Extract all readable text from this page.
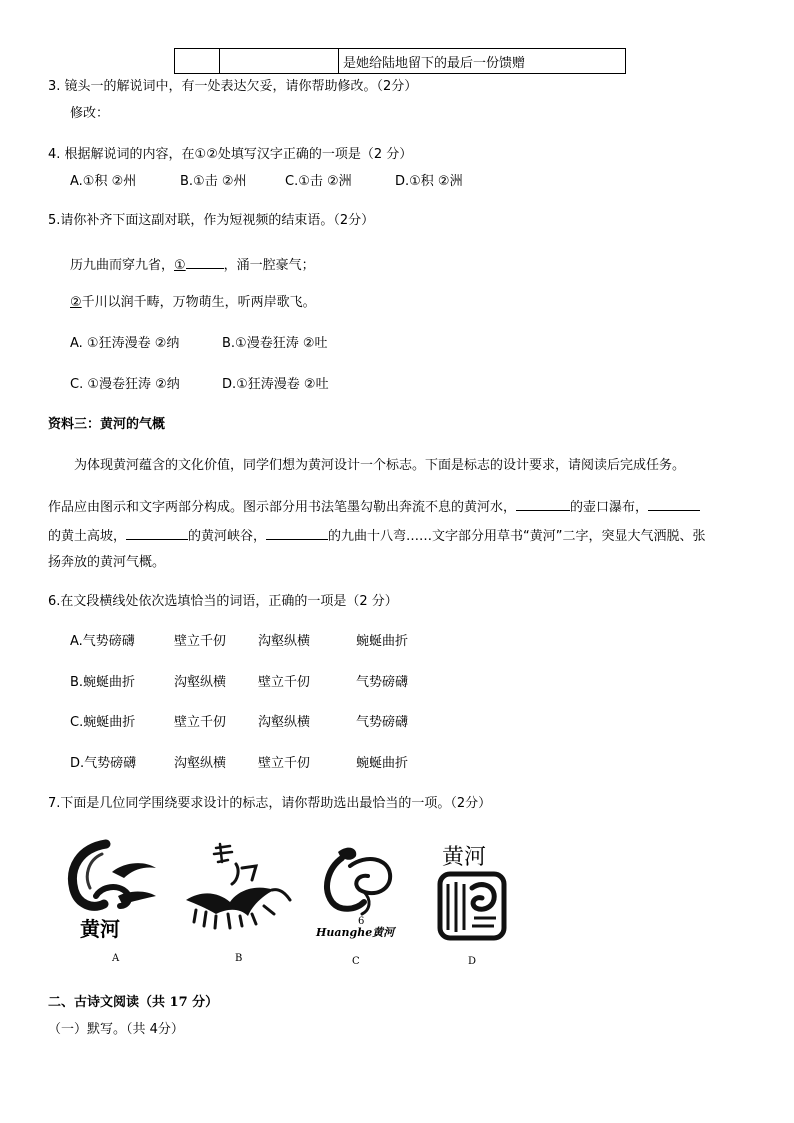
		是她给陆地留下的最后一份馈赠
3. 镜头一的解说词中，有一处表达欠妥，请你帮助修改。（2分）
修改：
4. 根据解说词的内容，在①②处填写汉字正确的一项是（2 分）
A.①积 ②州	B.①击 ②州	C.①击 ②洲	D.①积 ②洲
5.请你补齐下面这副对联，作为短视频的结束语。（2分）
历九曲而穿九省，①	，涌一腔豪气；
②千川以润千畴，万物萌生，听两岸歌飞。
A. ①狂涛漫卷 ②纳	B.①漫卷狂涛 ②吐
C. ①漫卷狂涛 ②纳	D.①狂涛漫卷 ②吐
资料三：黄河的气概
为体现黄河蕴含的文化价值，同学们想为黄河设计一个标志。下面是标志的设计要求，请阅读后完成任务。
作品应由图示和文字两部分构成。图示部分用书法笔墨勾勒出奔流不息的黄河水，	的壶口瀑布，
的黄土高坡，	的黄河峡谷，	的九曲十八弯……文字部分用草书“黄河”二字，突显大气洒脱、张
扬奔放的黄河气概。
6.在文段横线处依次选填恰当的词语，正确的一项是（2 分）
A.气势磅礴	壁立千仞 沟壑纵横	蜿蜒曲折
B.蜿蜒曲折	沟壑纵横 壁立千仞	气势磅礴
C.蜿蜒曲折	壁立千仞 沟壑纵横	气势磅礴
D.气势磅礴	沟壑纵横 壁立千仞	蜿蜒曲折
7.下面是几位同学围绕要求设计的标志，请你帮助选出最恰当的一项。（2分）
黄河	6
Huanghe黄河
黄河
A	B	C	D
二、古诗文阅读（共 17 分）
（一）默写。（共 4分）
